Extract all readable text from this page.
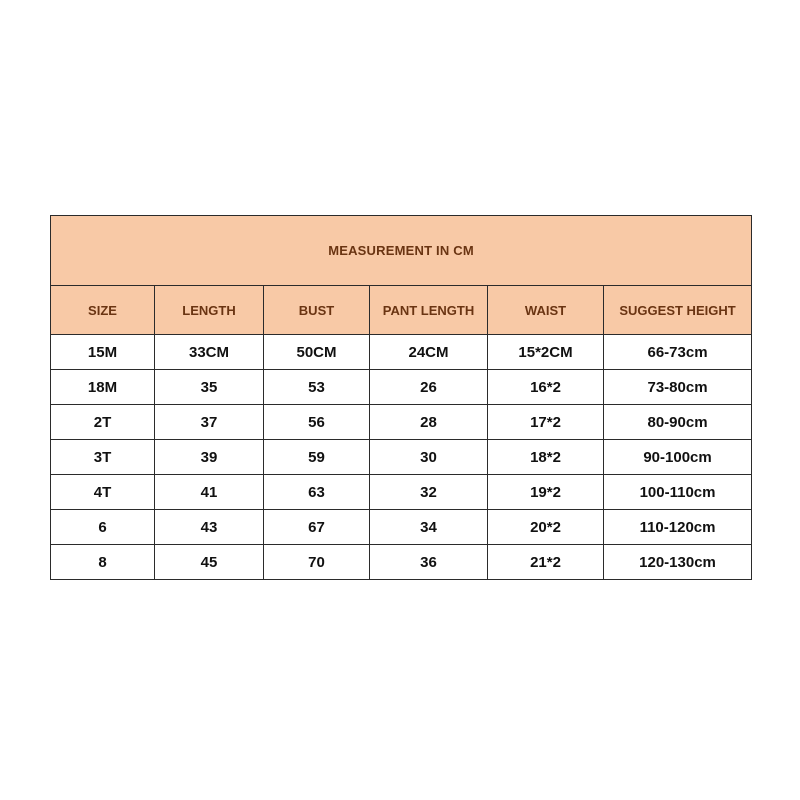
MEASUREMENT IN CM					
SIZE	LENGTH	BUST	PANT LENGTH	WAIST	SUGGEST HEIGHT
15M	33CM	50CM	24CM	15*2CM	66-73cm
18M	35	53	26	16*2	73-80cm
2T	37	56	28	17*2	80-90cm
3T	39	59	30	18*2	90-100cm
4T	41	63	32	19*2	100-110cm
6	43	67	34	20*2	110-120cm
8	45	70	36	21*2	120-130cm
